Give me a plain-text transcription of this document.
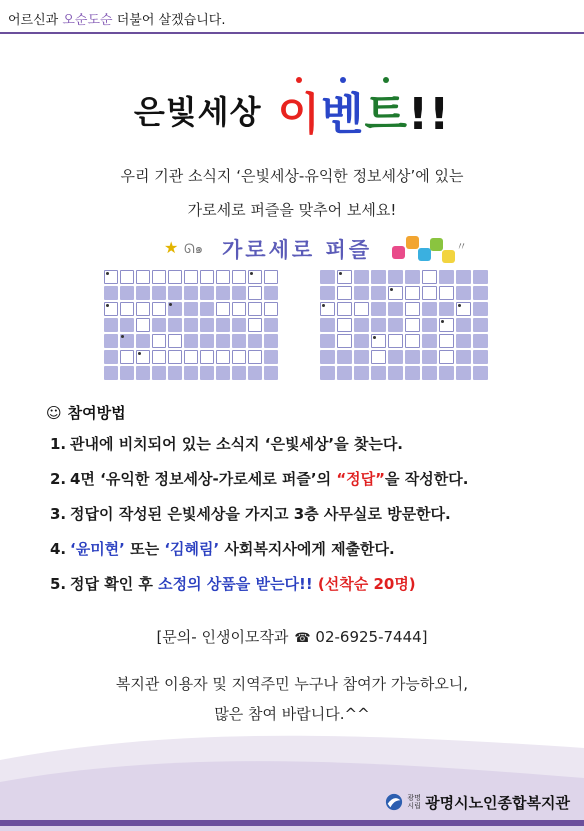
어르신과 오순도순 더불어 살겠습니다.
은빛세상 이
벤
트!!
우리 기관 소식지 ‘은빛세상-유익한 정보세상’에 있는
가로세로 퍼즐을 맞추어 보세요!
★ ᘏ๑ 가로세로 퍼즐	〃
☺ 참여방법
1. 관내에 비치되어 있는 소식지 ‘은빛세상’을 찾는다.
2. 4면 ‘유익한 정보세상-가로세로 퍼즐’의 “정답”을 작성한다.
3. 정답이 작성된 은빛세상을 가지고 3층 사무실로 방문한다.
4. ‘윤미현’ 또는 ‘김혜림’ 사회복지사에게 제출한다.
5. 정답 확인 후 소정의 상품을 받는다!! (선착순 20명)
[문의- 인생이모작과 ☎ 02-6925-7444]
복지관 이용자 및 지역주민 누구나 참여가 가능하오니,
많은 참여 바랍니다.^^
광명
시립 광명시노인종합복지관
